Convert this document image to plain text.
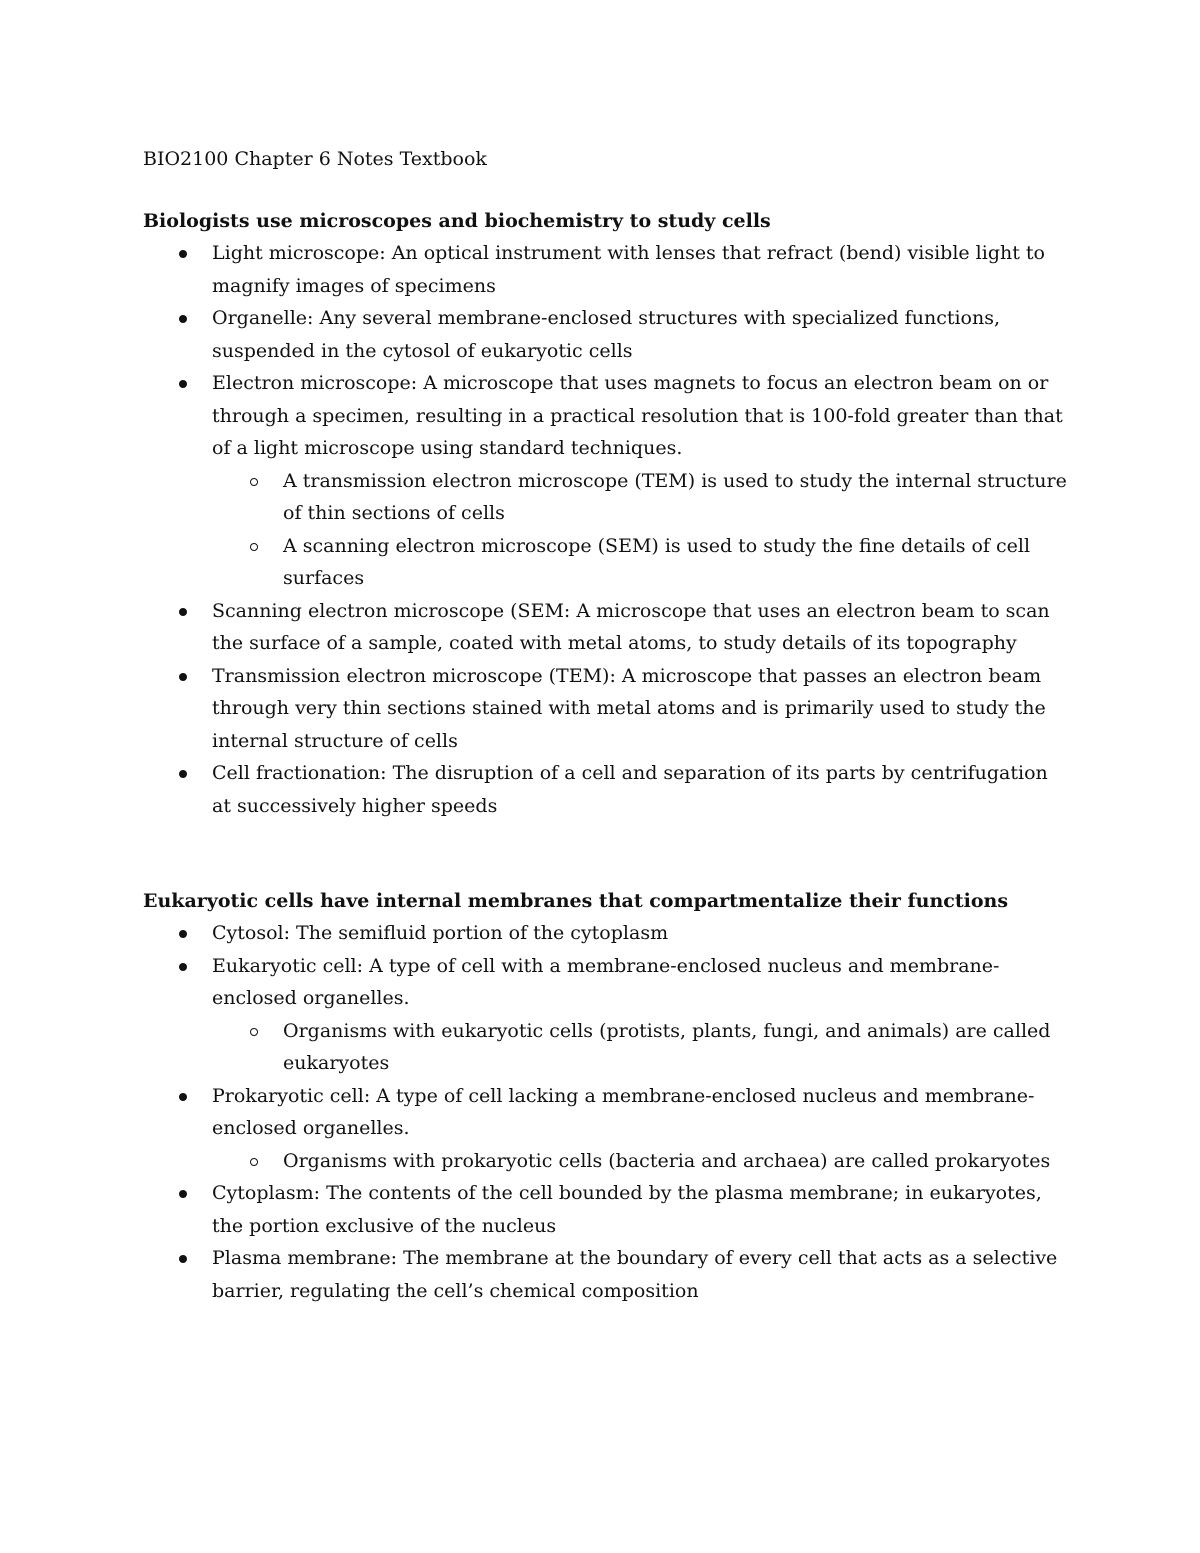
BIO2100 Chapter 6 Notes Textbook

Biologists use microscopes and biochemistry to study cells

Light microscope: An optical instrument with lenses that refract (bend) visible light to magnify images of specimens
Organelle: Any several membrane-enclosed structures with specialized functions, suspended in the cytosol of eukaryotic cells
Electron microscope: A microscope that uses magnets to focus an electron beam on or through a specimen, resulting in a practical resolution that is 100-fold greater than that of a light microscope using standard techniques.
A transmission electron microscope (TEM) is used to study the internal structure of thin sections of cells
A scanning electron microscope (SEM) is used to study the fine details of cell surfaces
Scanning electron microscope (SEM: A microscope that uses an electron beam to scan the surface of a sample, coated with metal atoms, to study details of its topography
Transmission electron microscope (TEM): A microscope that passes an electron beam through very thin sections stained with metal atoms and is primarily used to study the internal structure of cells
Cell fractionation: The disruption of a cell and separation of its parts by centrifugation at successively higher speeds

Eukaryotic cells have internal membranes that compartmentalize their functions

Cytosol: The semifluid portion of the cytoplasm
Eukaryotic cell: A type of cell with a membrane-enclosed nucleus and membrane-enclosed organelles.
Organisms with eukaryotic cells (protists, plants, fungi, and animals) are called eukaryotes
Prokaryotic cell: A type of cell lacking a membrane-enclosed nucleus and membrane-enclosed organelles.
Organisms with prokaryotic cells (bacteria and archaea) are called prokaryotes
Cytoplasm: The contents of the cell bounded by the plasma membrane; in eukaryotes, the portion exclusive of the nucleus
Plasma membrane: The membrane at the boundary of every cell that acts as a selective barrier, regulating the cell’s chemical composition
